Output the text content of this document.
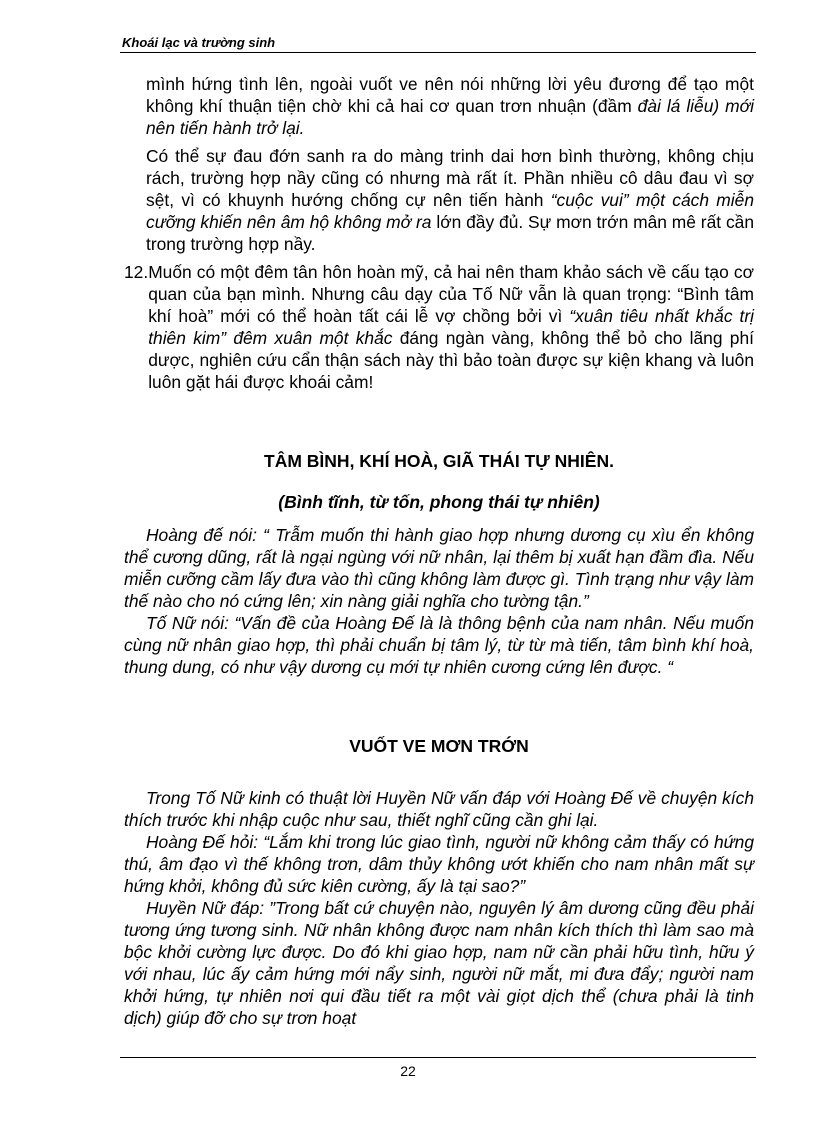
Khoái lạc và trường sinh

mình hứng tình lên, ngoài vuốt ve nên nói những lời yêu đương để tạo một không khí thuận tiện chờ khi cả hai cơ quan trơn nhuận (đầm đài lá liễu) mới nên tiến hành trở lại.

Có thể sự đau đớn sanh ra do màng trinh dai hơn bình thường, không chịu rách, trường hợp nầy cũng có nhưng mà rất ít. Phần nhiều cô dâu đau vì sợ sệt, vì có khuynh hướng chống cự nên tiến hành “cuộc vui” một cách miễn cưỡng khiến nên âm hộ không mở ra lớn đầy đủ. Sự mơn trớn mân mê rất cần trong trường hợp nầy.

12. Muốn có một đêm tân hôn hoàn mỹ, cả hai nên tham khảo sách về cấu tạo cơ quan của bạn mình. Nhưng câu dạy của Tố Nữ vẫn là quan trọng: “Bình tâm khí hoà” mới có thể hoàn tất cái lễ vợ chồng bởi vì “xuân tiêu nhất khắc trị thiên kim” đêm xuân một khắc đáng ngàn vàng, không thể bỏ cho lãng phí dược, nghiên cứu cẩn thận sách này thì bảo toàn được sự kiện khang và luôn luôn gặt hái được khoái cảm!

TÂM BÌNH, KHÍ HOÀ, GIÃ THÁI TỰ NHIÊN.

(Bình tĩnh, từ tốn, phong thái tự nhiên)

Hoàng đế nói: “ Trẫm muốn thi hành giao hợp nhưng dương cụ xìu ển không thể cương dũng, rất là ngại ngùng với nữ nhân, lại thêm bị xuất hạn đầm đìa. Nếu miễn cưỡng cầm lấy đưa vào thì cũng không làm được gì. Tình trạng như vậy làm thế nào cho nó cứng lên; xin nàng giải nghĩa cho tường tận.”

Tố Nữ nói: “Vấn đề của Hoàng Đế là là thông bệnh của nam nhân. Nếu muốn cùng nữ nhân giao hợp, thì phải chuẩn bị tâm lý, từ từ mà tiến, tâm bình khí hoà, thung dung, có như vậy dương cụ mới tự nhiên cương cứng lên được. “

VUỐT VE MƠN TRỚN

Trong Tố Nữ kinh có thuật lời Huyền Nữ vấn đáp với Hoàng Đế về chuyện kích thích trước khi nhập cuộc như sau, thiết nghĩ cũng cần ghi lại.

Hoàng Đế hỏi: “Lắm khi trong lúc giao tình, người nữ không cảm thấy có hứng thú, âm đạo vì thế không trơn, dâm thủy không ướt khiến cho nam nhân mất sự hứng khởi, không đủ sức kiên cường, ấy là tại sao?”

Huyền Nữ đáp: ”Trong bất cứ chuyện nào, nguyên lý âm dương cũng đều phải tương ứng tương sinh. Nữ nhân không được nam nhân kích thích thì làm sao mà bộc khởi cường lực được. Do đó khi giao hợp, nam nữ cần phải hữu tình, hữu ý với nhau, lúc ấy cảm hứng mới nẩy sinh, người nữ mắt, mi đưa đẩy; người nam khởi hứng, tự nhiên nơi qui đầu tiết ra một vài giọt dịch thể (chưa phải là tinh dịch) giúp đỡ cho sự trơn hoạt

22
